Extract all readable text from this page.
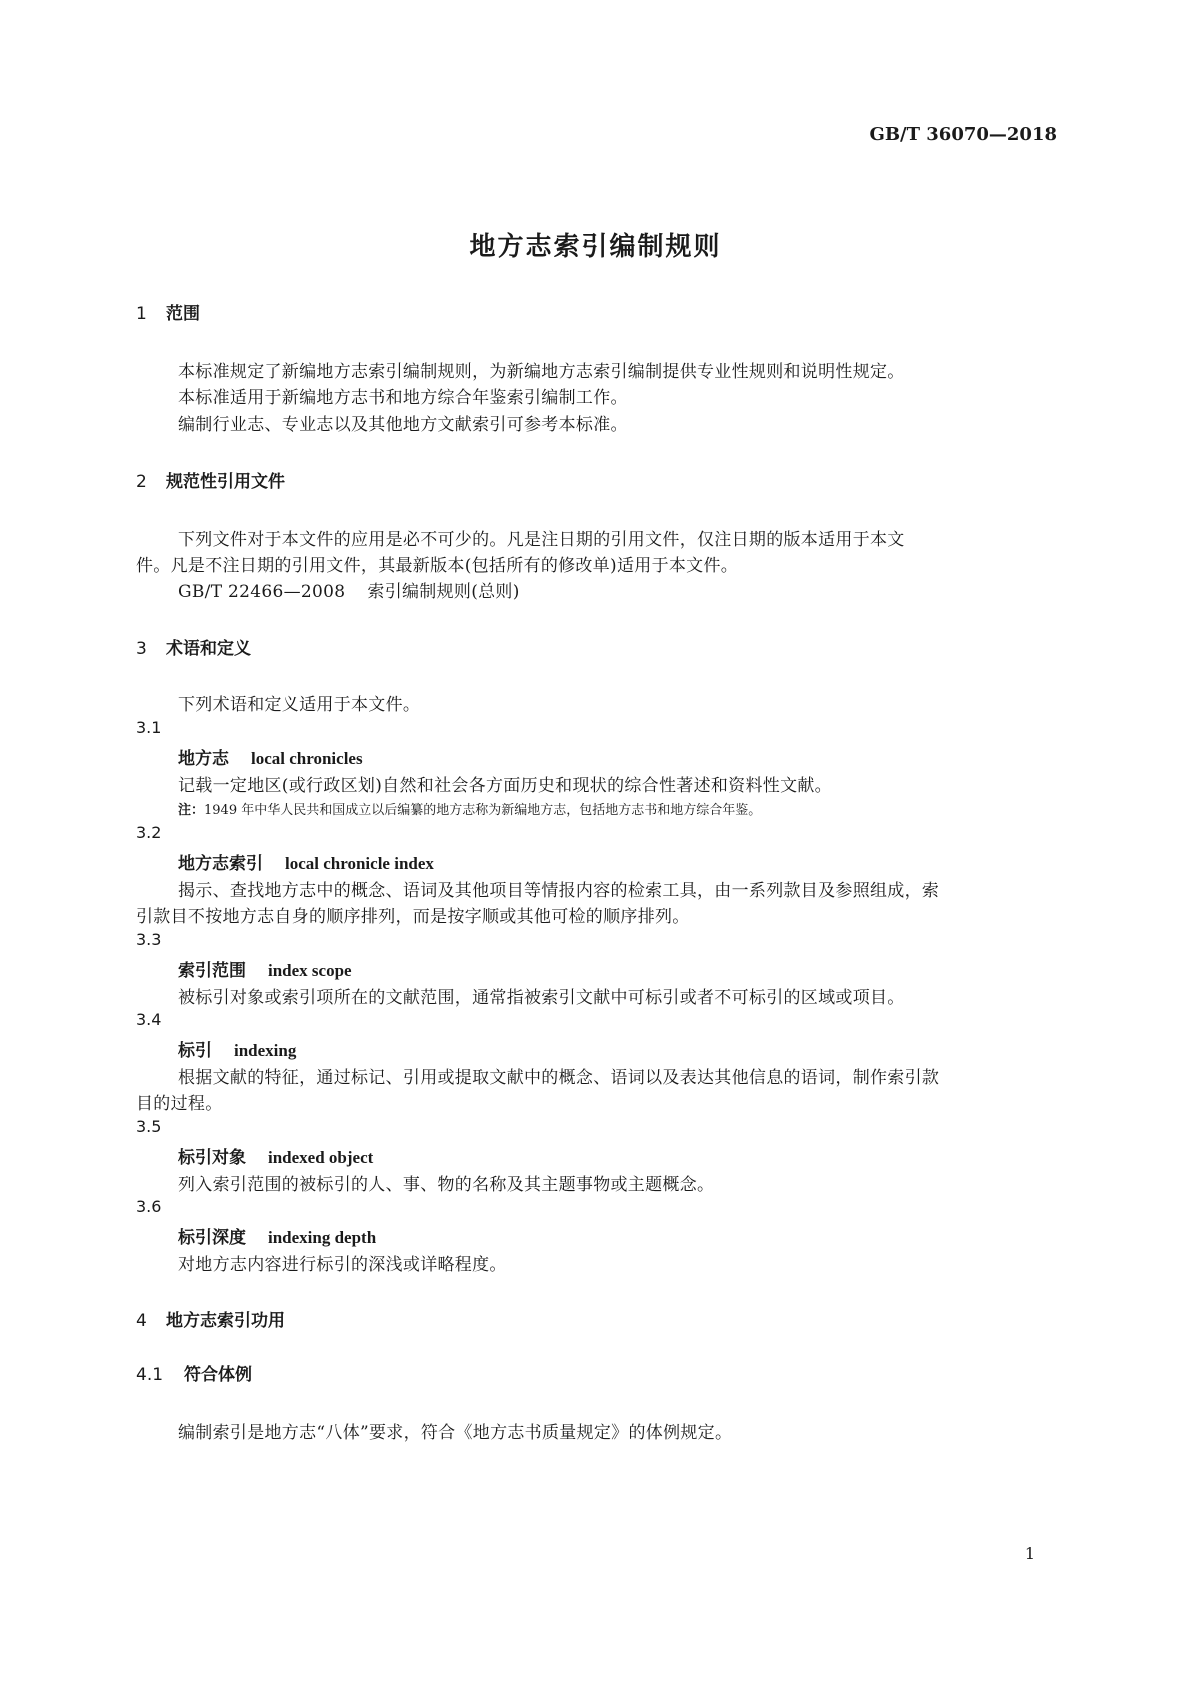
GB/T 36070—2018
地方志索引编制规则
1 范围
本标准规定了新编地方志索引编制规则，为新编地方志索引编制提供专业性规则和说明性规定。
本标准适用于新编地方志书和地方综合年鉴索引编制工作。
编制行业志、专业志以及其他地方文献索引可参考本标准。
2 规范性引用文件
下列文件对于本文件的应用是必不可少的。凡是注日期的引用文件，仅注日期的版本适用于本文
件。凡是不注日期的引用文件，其最新版本(包括所有的修改单)适用于本文件。
GB/T 22466—2008 索引编制规则(总则)
3 术语和定义
下列术语和定义适用于本文件。
3.1
地方志 local chronicles
记载一定地区(或行政区划)自然和社会各方面历史和现状的综合性著述和资料性文献。
注：1949 年中华人民共和国成立以后编纂的地方志称为新编地方志，包括地方志书和地方综合年鉴。
3.2
地方志索引 local chronicle index
揭示、查找地方志中的概念、语词及其他项目等情报内容的检索工具，由一系列款目及参照组成，索
引款目不按地方志自身的顺序排列，而是按字顺或其他可检的顺序排列。
3.3
索引范围 index scope
被标引对象或索引项所在的文献范围，通常指被索引文献中可标引或者不可标引的区域或项目。
3.4
标引 indexing
根据文献的特征，通过标记、引用或提取文献中的概念、语词以及表达其他信息的语词，制作索引款
目的过程。
3.5
标引对象 indexed object
列入索引范围的被标引的人、事、物的名称及其主题事物或主题概念。
3.6
标引深度 indexing depth
对地方志内容进行标引的深浅或详略程度。
4 地方志索引功用
4.1 符合体例
编制索引是地方志“八体”要求，符合《地方志书质量规定》的体例规定。
1
